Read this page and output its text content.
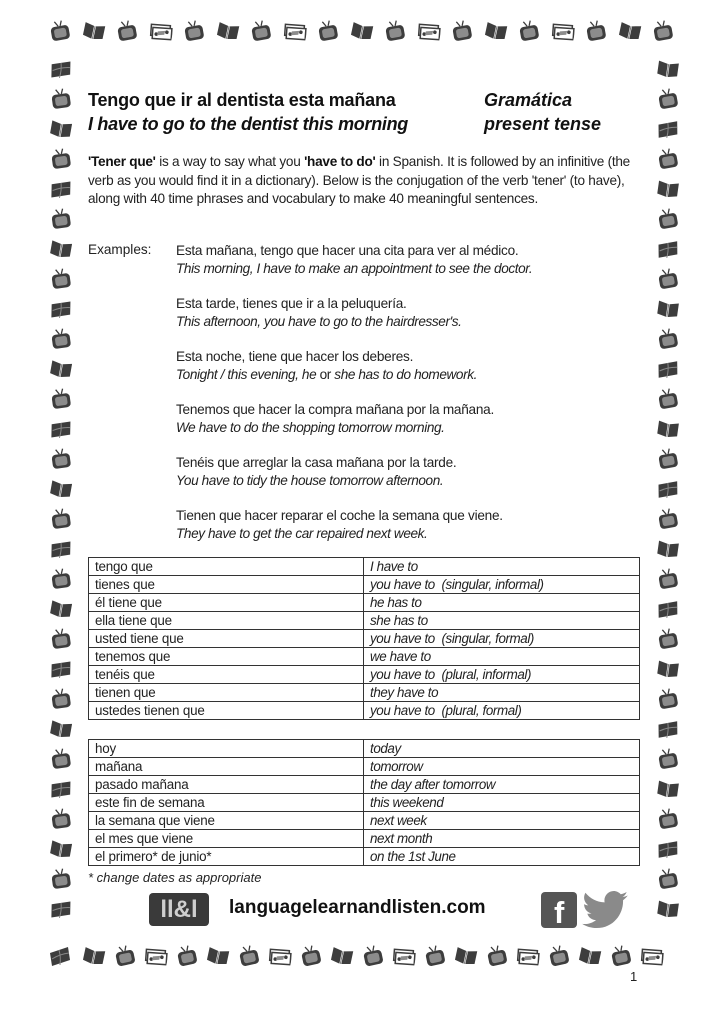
Tengo que ir al dentista esta mañana
I have to go to the dentist this morning
Gramática
present tense
'Tener que' is a way to say what you 'have to do' in Spanish. It is followed by an infinitive (the verb as you would find it in a dictionary). Below is the conjugation of the verb 'tener' (to have), along with 40 time phrases and vocabulary to make 40 meaningful sentences.
Examples: Esta mañana, tengo que hacer una cita para ver al médico.
This morning, I have to make an appointment to see the doctor.
Esta tarde, tienes que ir a la peluquería.
This afternoon, you have to go to the hairdresser's.
Esta noche, tiene que hacer los deberes.
Tonight / this evening, he or she has to do homework.
Tenemos que hacer la compra mañana por la mañana.
We have to do the shopping tomorrow morning.
Tenéis que arreglar la casa mañana por la tarde.
You have to tidy the house tomorrow afternoon.
Tienen que hacer reparar el coche la semana que viene.
They have to get the car repaired next week.
tengo que	I have to
tienes que	you have to  (singular, informal)
él tiene que	he has to
ella tiene que	she has to
usted tiene que	you have to  (singular, formal)
tenemos que	we have to
tenéis que	you have to  (plural, informal)
tienen que	they have to
ustedes tienen que	you have to  (plural, formal)
hoy	today
mañana	tomorrow
pasado mañana	the day after tomorrow
este fin de semana	this weekend
la semana que viene	next week
el mes que viene	next month
el primero* de junio*	on the 1st June
* change dates as appropriate
ll&l	languagelearnandlisten.com f
1
